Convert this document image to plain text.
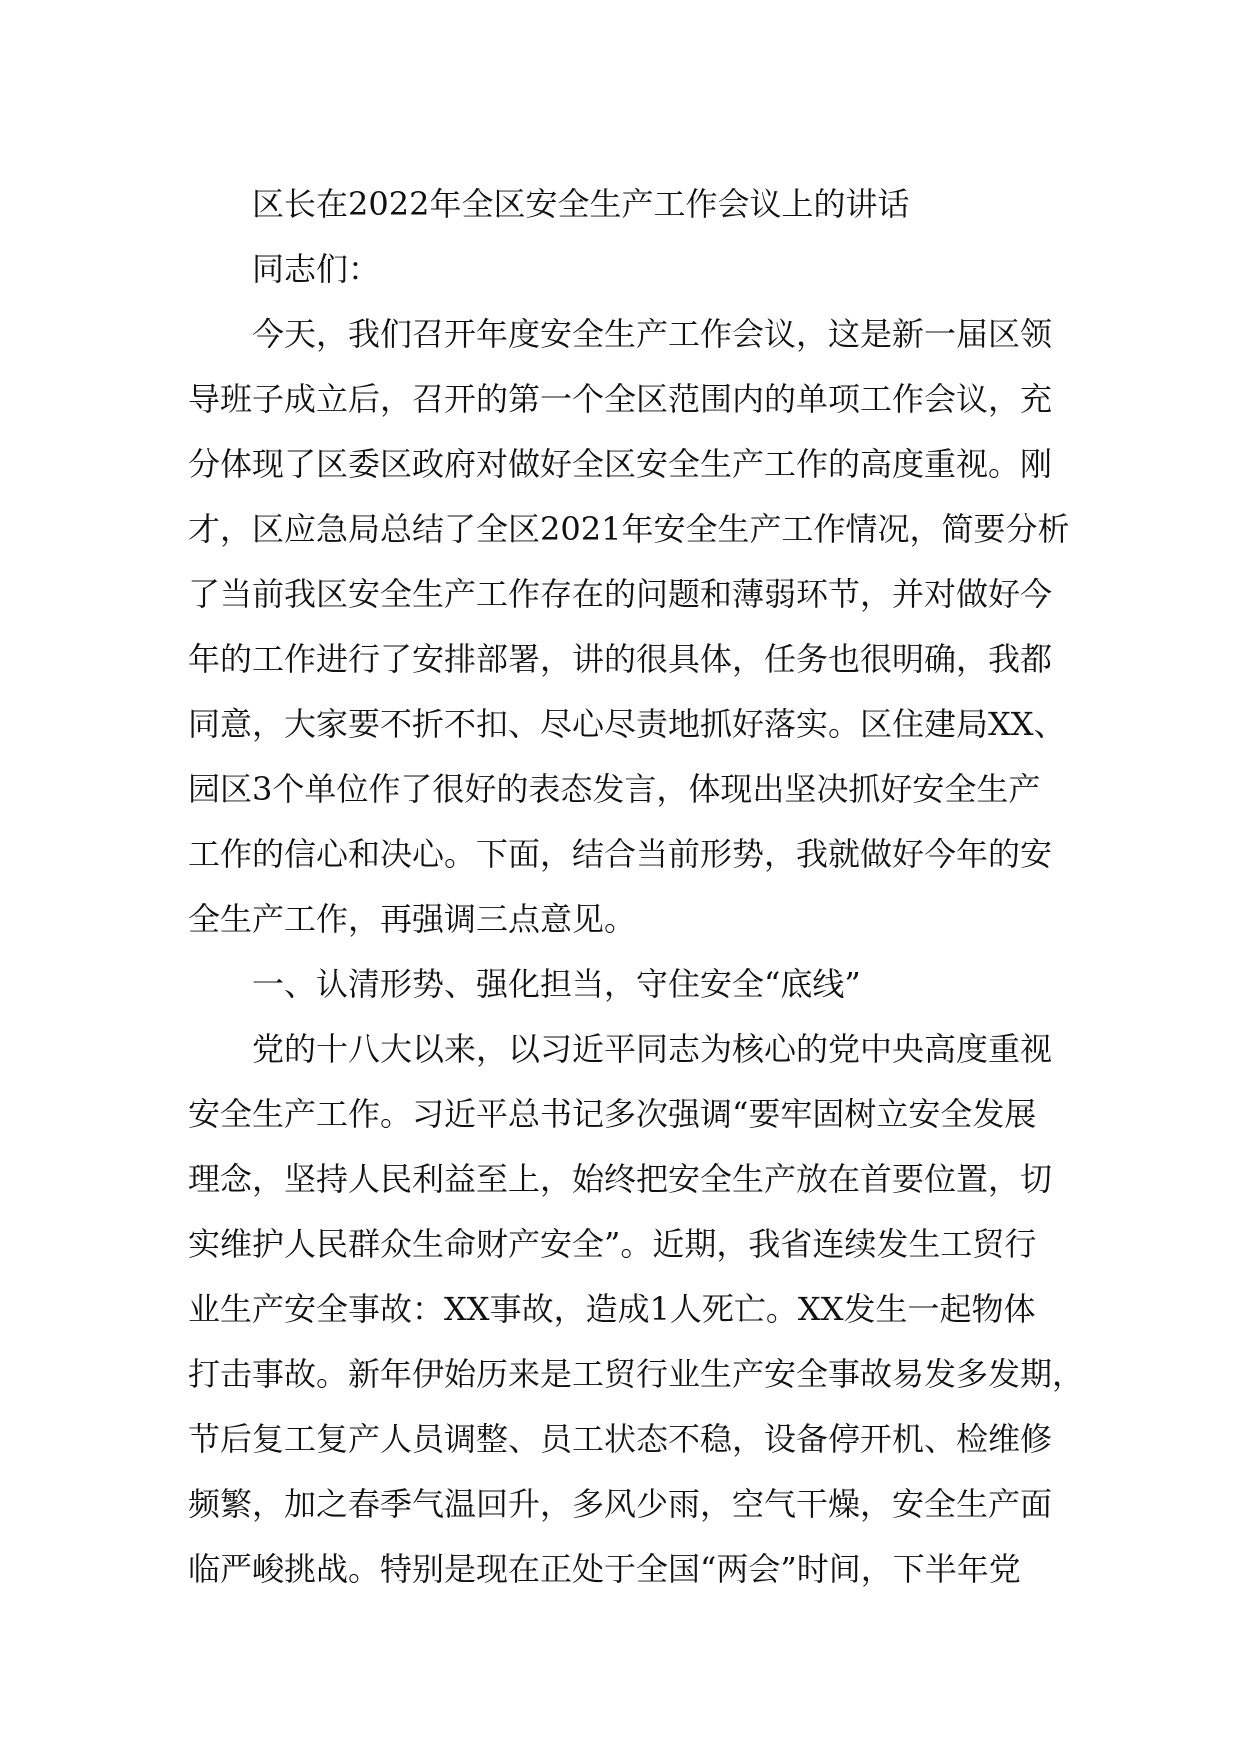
区长在2022年全区安全生产工作会议上的讲话
同志们：
今天，我们召开年度安全生产工作会议，这是新一届区领
导班子成立后，召开的第一个全区范围内的单项工作会议，充
分体现了区委区政府对做好全区安全生产工作的高度重视。刚
才，区应急局总结了全区2021年安全生产工作情况，简要分析
了当前我区安全生产工作存在的问题和薄弱环节，并对做好今
年的工作进行了安排部署，讲的很具体，任务也很明确，我都
同意，大家要不折不扣、尽心尽责地抓好落实。区住建局XX、
园区3个单位作了很好的表态发言，体现出坚决抓好安全生产
工作的信心和决心。下面，结合当前形势，我就做好今年的安
全生产工作，再强调三点意见。
一、认清形势、强化担当，守住安全“底线”
党的十八大以来，以习近平同志为核心的党中央高度重视
安全生产工作。习近平总书记多次强调“要牢固树立安全发展
理念，坚持人民利益至上，始终把安全生产放在首要位置，切
实维护人民群众生命财产安全”。近期，我省连续发生工贸行
业生产安全事故：XX事故，造成1人死亡。XX发生一起物体
打击事故。新年伊始历来是工贸行业生产安全事故易发多发期，
节后复工复产人员调整、员工状态不稳，设备停开机、检维修
频繁，加之春季气温回升，多风少雨，空气干燥，安全生产面
临严峻挑战。特别是现在正处于全国“两会”时间，下半年党
